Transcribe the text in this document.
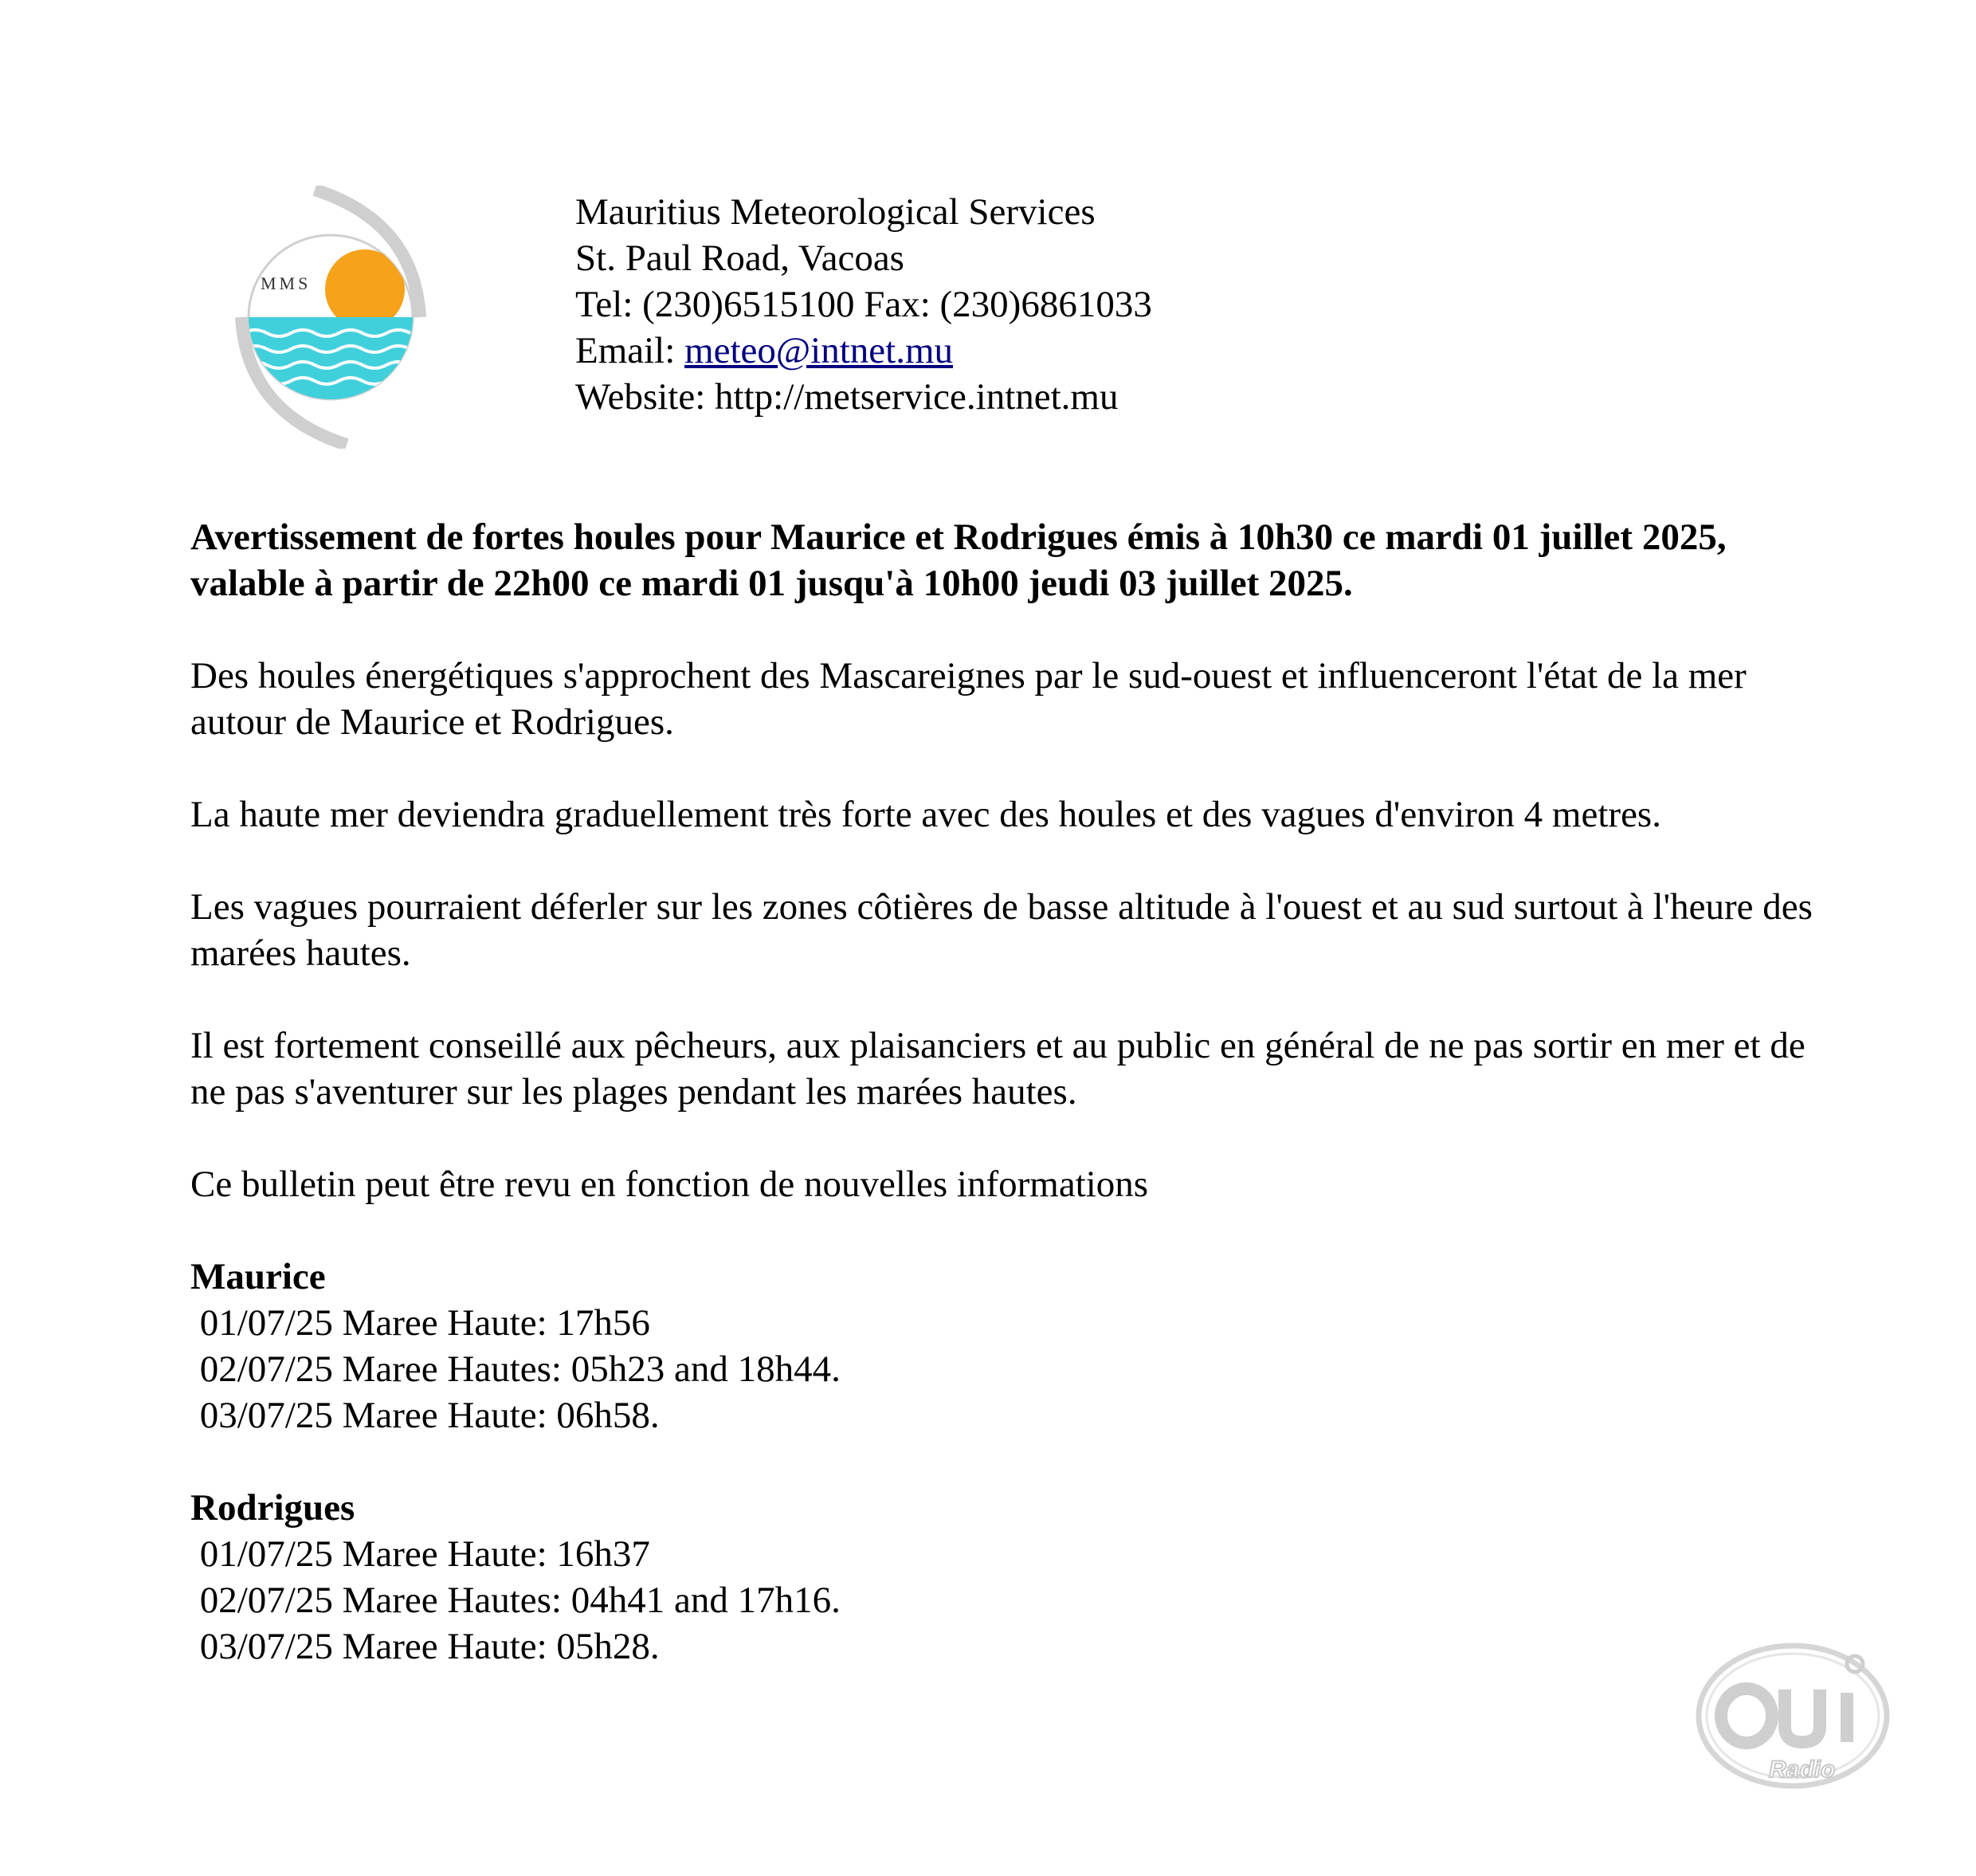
MMS
Mauritius Meteorological Services
St. Paul Road, Vacoas
Tel: (230)6515100 Fax: (230)6861033
Email: meteo@intnet.mu
Website: http://metservice.intnet.mu

Avertissement de fortes houles pour Maurice et Rodrigues émis à 10h30 ce mardi 01 juillet 2025, valable à partir de 22h00 ce mardi 01 jusqu'à 10h00 jeudi 03 juillet 2025.

Des houles énergétiques s'approchent des Mascareignes par le sud-ouest et influenceront l'état de la mer autour de Maurice et Rodrigues.

La haute mer deviendra graduellement très forte avec des houles et des vagues d'environ 4 metres.

Les vagues pourraient déferler sur les zones côtières de basse altitude à l'ouest et au sud surtout à l'heure des marées hautes.

Il est fortement conseillé aux pêcheurs, aux plaisanciers et au public en général de ne pas sortir en mer et de ne pas s'aventurer sur les plages pendant les marées hautes.

Ce bulletin peut être revu en fonction de nouvelles informations

Maurice
01/07/25 Maree Haute: 17h56
02/07/25 Maree Hautes: 05h23 and 18h44.
03/07/25 Maree Haute: 06h58.
Rodrigues
01/07/25 Maree Haute: 16h37
02/07/25 Maree Hautes: 04h41 and 17h16.
03/07/25 Maree Haute: 05h28.
Radio
